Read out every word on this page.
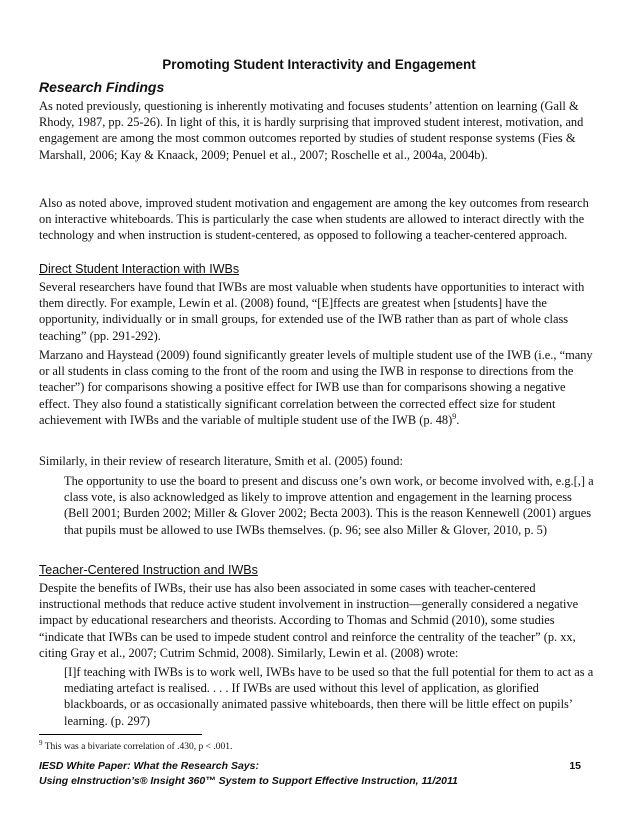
Promoting Student Interactivity and Engagement
Research Findings

As noted previously, questioning is inherently motivating and focuses students’ attention on learning (Gall & Rhody, 1987, pp. 25-26). In light of this, it is hardly surprising that improved student interest, motivation, and engagement are among the most common outcomes reported by studies of student response systems (Fies & Marshall, 2006; Kay & Knaack, 2009; Penuel et al., 2007; Roschelle et al., 2004a, 2004b).

Also as noted above, improved student motivation and engagement are among the key outcomes from research on interactive whiteboards. This is particularly the case when students are allowed to interact directly with the technology and when instruction is student-centered, as opposed to following a teacher-centered approach.

Direct Student Interaction with IWBs

Several researchers have found that IWBs are most valuable when students have opportunities to interact with them directly. For example, Lewin et al. (2008) found, “[E]ffects are greatest when [students] have the opportunity, individually or in small groups, for extended use of the IWB rather than as part of whole class teaching” (pp. 291-292).

Marzano and Haystead (2009) found significantly greater levels of multiple student use of the IWB (i.e., “many or all students in class coming to the front of the room and using the IWB in response to directions from the teacher”) for comparisons showing a positive effect for IWB use than for comparisons showing a negative effect. They also found a statistically significant correlation between the corrected effect size for student achievement with IWBs and the variable of multiple student use of the IWB (p. 48)$^9$.

Similarly, in their review of research literature, Smith et al. (2005) found:

The opportunity to use the board to present and discuss one’s own work, or become involved with, e.g.[,] a class vote, is also acknowledged as likely to improve attention and engagement in the learning process (Bell 2001; Burden 2002; Miller & Glover 2002; Becta 2003). This is the reason Kennewell (2001) argues that pupils must be allowed to use IWBs themselves. (p. 96; see also Miller & Glover, 2010, p. 5)

Teacher-Centered Instruction and IWBs

Despite the benefits of IWBs, their use has also been associated in some cases with teacher-centered instructional methods that reduce active student involvement in instruction—generally considered a negative impact by educational researchers and theorists. According to Thomas and Schmid (2010), some studies “indicate that IWBs can be used to impede student control and reinforce the centrality of the teacher” (p. xx, citing Gray et al., 2007; Cutrim Schmid, 2008). Similarly, Lewin et al. (2008) wrote:

[I]f teaching with IWBs is to work well, IWBs have to be used so that the full potential for them to act as a mediating artefact is realised. . . . If IWBs are used without this level of application, as glorified blackboards, or as occasionally animated passive whiteboards, then there will be little effect on pupils’ learning. (p. 297)

$^9$ This was a bivariate correlation of .430, p < .001.
IESD White Paper: What the Research Says:
Using eInstruction’s® Insight 360™ System to Support Effective Instruction, 11/2011
15
